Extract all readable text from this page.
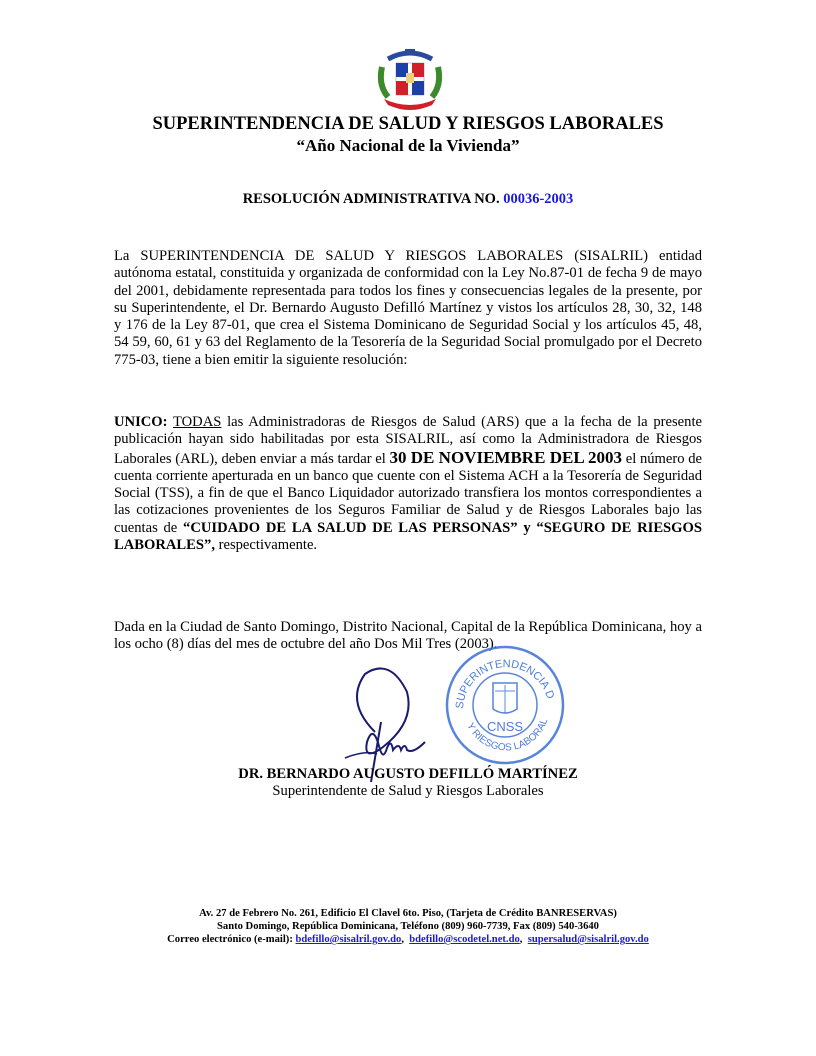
SUPERINTENDENCIA DE SALUD Y RIESGOS LABORALES
“Año Nacional de la Vivienda”
RESOLUCIÓN ADMINISTRATIVA NO. 00036-2003
La SUPERINTENDENCIA DE SALUD Y RIESGOS LABORALES (SISALRIL) entidad autónoma estatal, constituida y organizada de conformidad con la Ley No.87-01 de fecha 9 de mayo del 2001, debidamente representada para todos los fines y consecuencias legales de la presente, por su Superintendente, el Dr. Bernardo Augusto Defilló Martínez y vistos los artículos 28, 30, 32, 148 y 176 de la Ley 87-01, que crea el Sistema Dominicano de Seguridad Social y los artículos 45, 48, 54 59, 60, 61 y 63 del Reglamento de la Tesorería de la Seguridad Social promulgado por el Decreto 775-03, tiene a bien emitir la siguiente resolución:
UNICO: TODAS las Administradoras de Riesgos de Salud (ARS) que a la fecha de la presente publicación hayan sido habilitadas por esta SISALRIL, así como la Administradora de Riesgos Laborales (ARL), deben enviar a más tardar el 30 DE NOVIEMBRE DEL 2003 el número de cuenta corriente aperturada en un banco que cuente con el Sistema ACH a la Tesorería de Seguridad Social (TSS), a fin de que el Banco Liquidador autorizado transfiera los montos correspondientes a las cotizaciones provenientes de los Seguros Familiar de Salud y de Riesgos Laborales bajo las cuentas de “CUIDADO DE LA SALUD DE LAS PERSONAS” y “SEGURO DE RIESGOS LABORALES”, respectivamente.
Dada en la Ciudad de Santo Domingo, Distrito Nacional, Capital de la República Dominicana, hoy a los ocho (8) días del mes de octubre del año Dos Mil Tres (2003).
SUPERINTENDENCIA D
Y RIESGOS LABORAL
CNSS
DR. BERNARDO AUGUSTO DEFILLÓ MARTÍNEZ
Superintendente de Salud y Riesgos Laborales
Av. 27 de Febrero No. 261, Edificio El Clavel 6to. Piso, (Tarjeta de Crédito BANRESERVAS)
Santo Domingo, República Dominicana, Teléfono (809) 960-7739, Fax (809) 540-3640
Correo electrónico (e-mail): bdefillo@sisalril.gov.do,  bdefillo@scodetel.net.do,  supersalud@sisalril.gov.do
